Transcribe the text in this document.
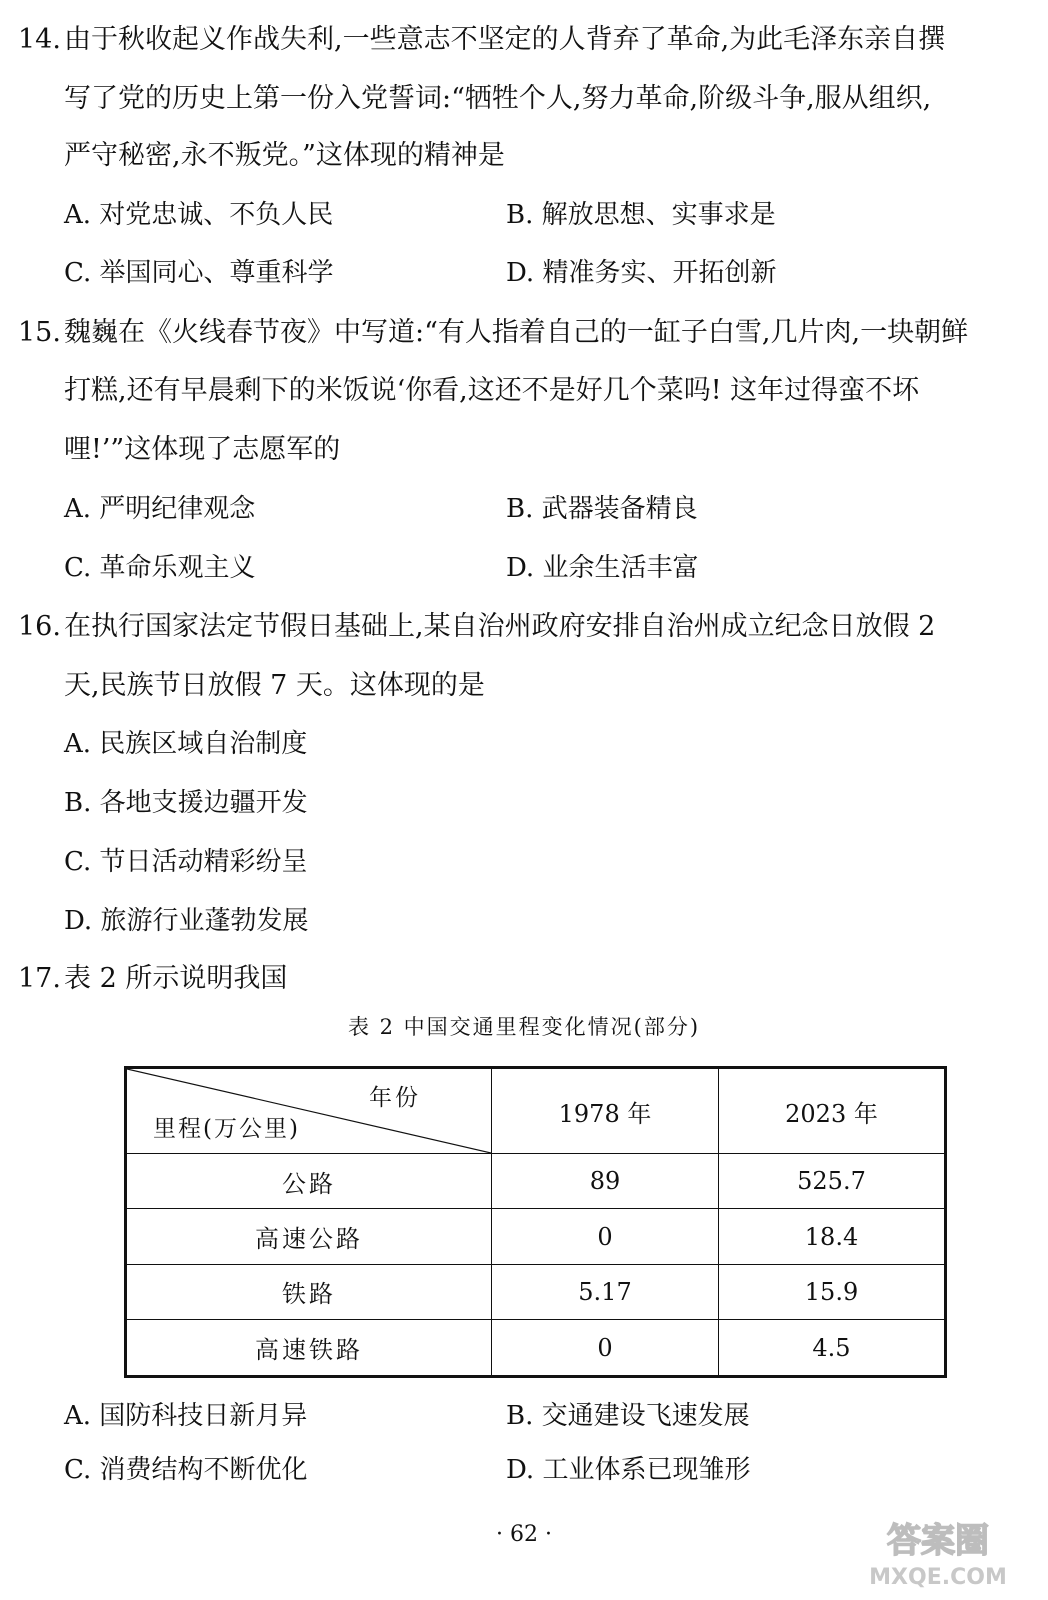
14. 由于秋收起义作战失利,一些意志不坚定的人背弃了革命,为此毛泽东亲自撰
写了党的历史上第一份入党誓词:“牺牲个人,努力革命,阶级斗争,服从组织,
严守秘密,永不叛党。”这体现的精神是
A. 对党忠诚、不负人民	B. 解放思想、实事求是
C. 举国同心、尊重科学	D. 精准务实、开拓创新
15. 魏巍在《火线春节夜》中写道:“有人指着自己的一缸子白雪,几片肉,一块朝鲜
打糕,还有早晨剩下的米饭说‘你看,这还不是好几个菜吗! 这年过得蛮不坏
哩!’”这体现了志愿军的
A. 严明纪律观念	B. 武器装备精良
C. 革命乐观主义	D. 业余生活丰富
16. 在执行国家法定节假日基础上,某自治州政府安排自治州成立纪念日放假 2
天,民族节日放假 7 天。这体现的是
A. 民族区域自治制度
B. 各地支援边疆开发
C. 节日活动精彩纷呈
D. 旅游行业蓬勃发展
17. 表 2 所示说明我国
表 2 中国交通里程变化情况(部分)
年份
里程(万公里)	1978 年	2023 年
公路	89	525.7
高速公路	0	18.4
铁路	5.17	15.9
高速铁路	0	4.5
A. 国防科技日新月异	B. 交通建设飞速发展
C. 消费结构不断优化	D. 工业体系已现雏形
· 62 ·	答案圈
MXQE.COM
